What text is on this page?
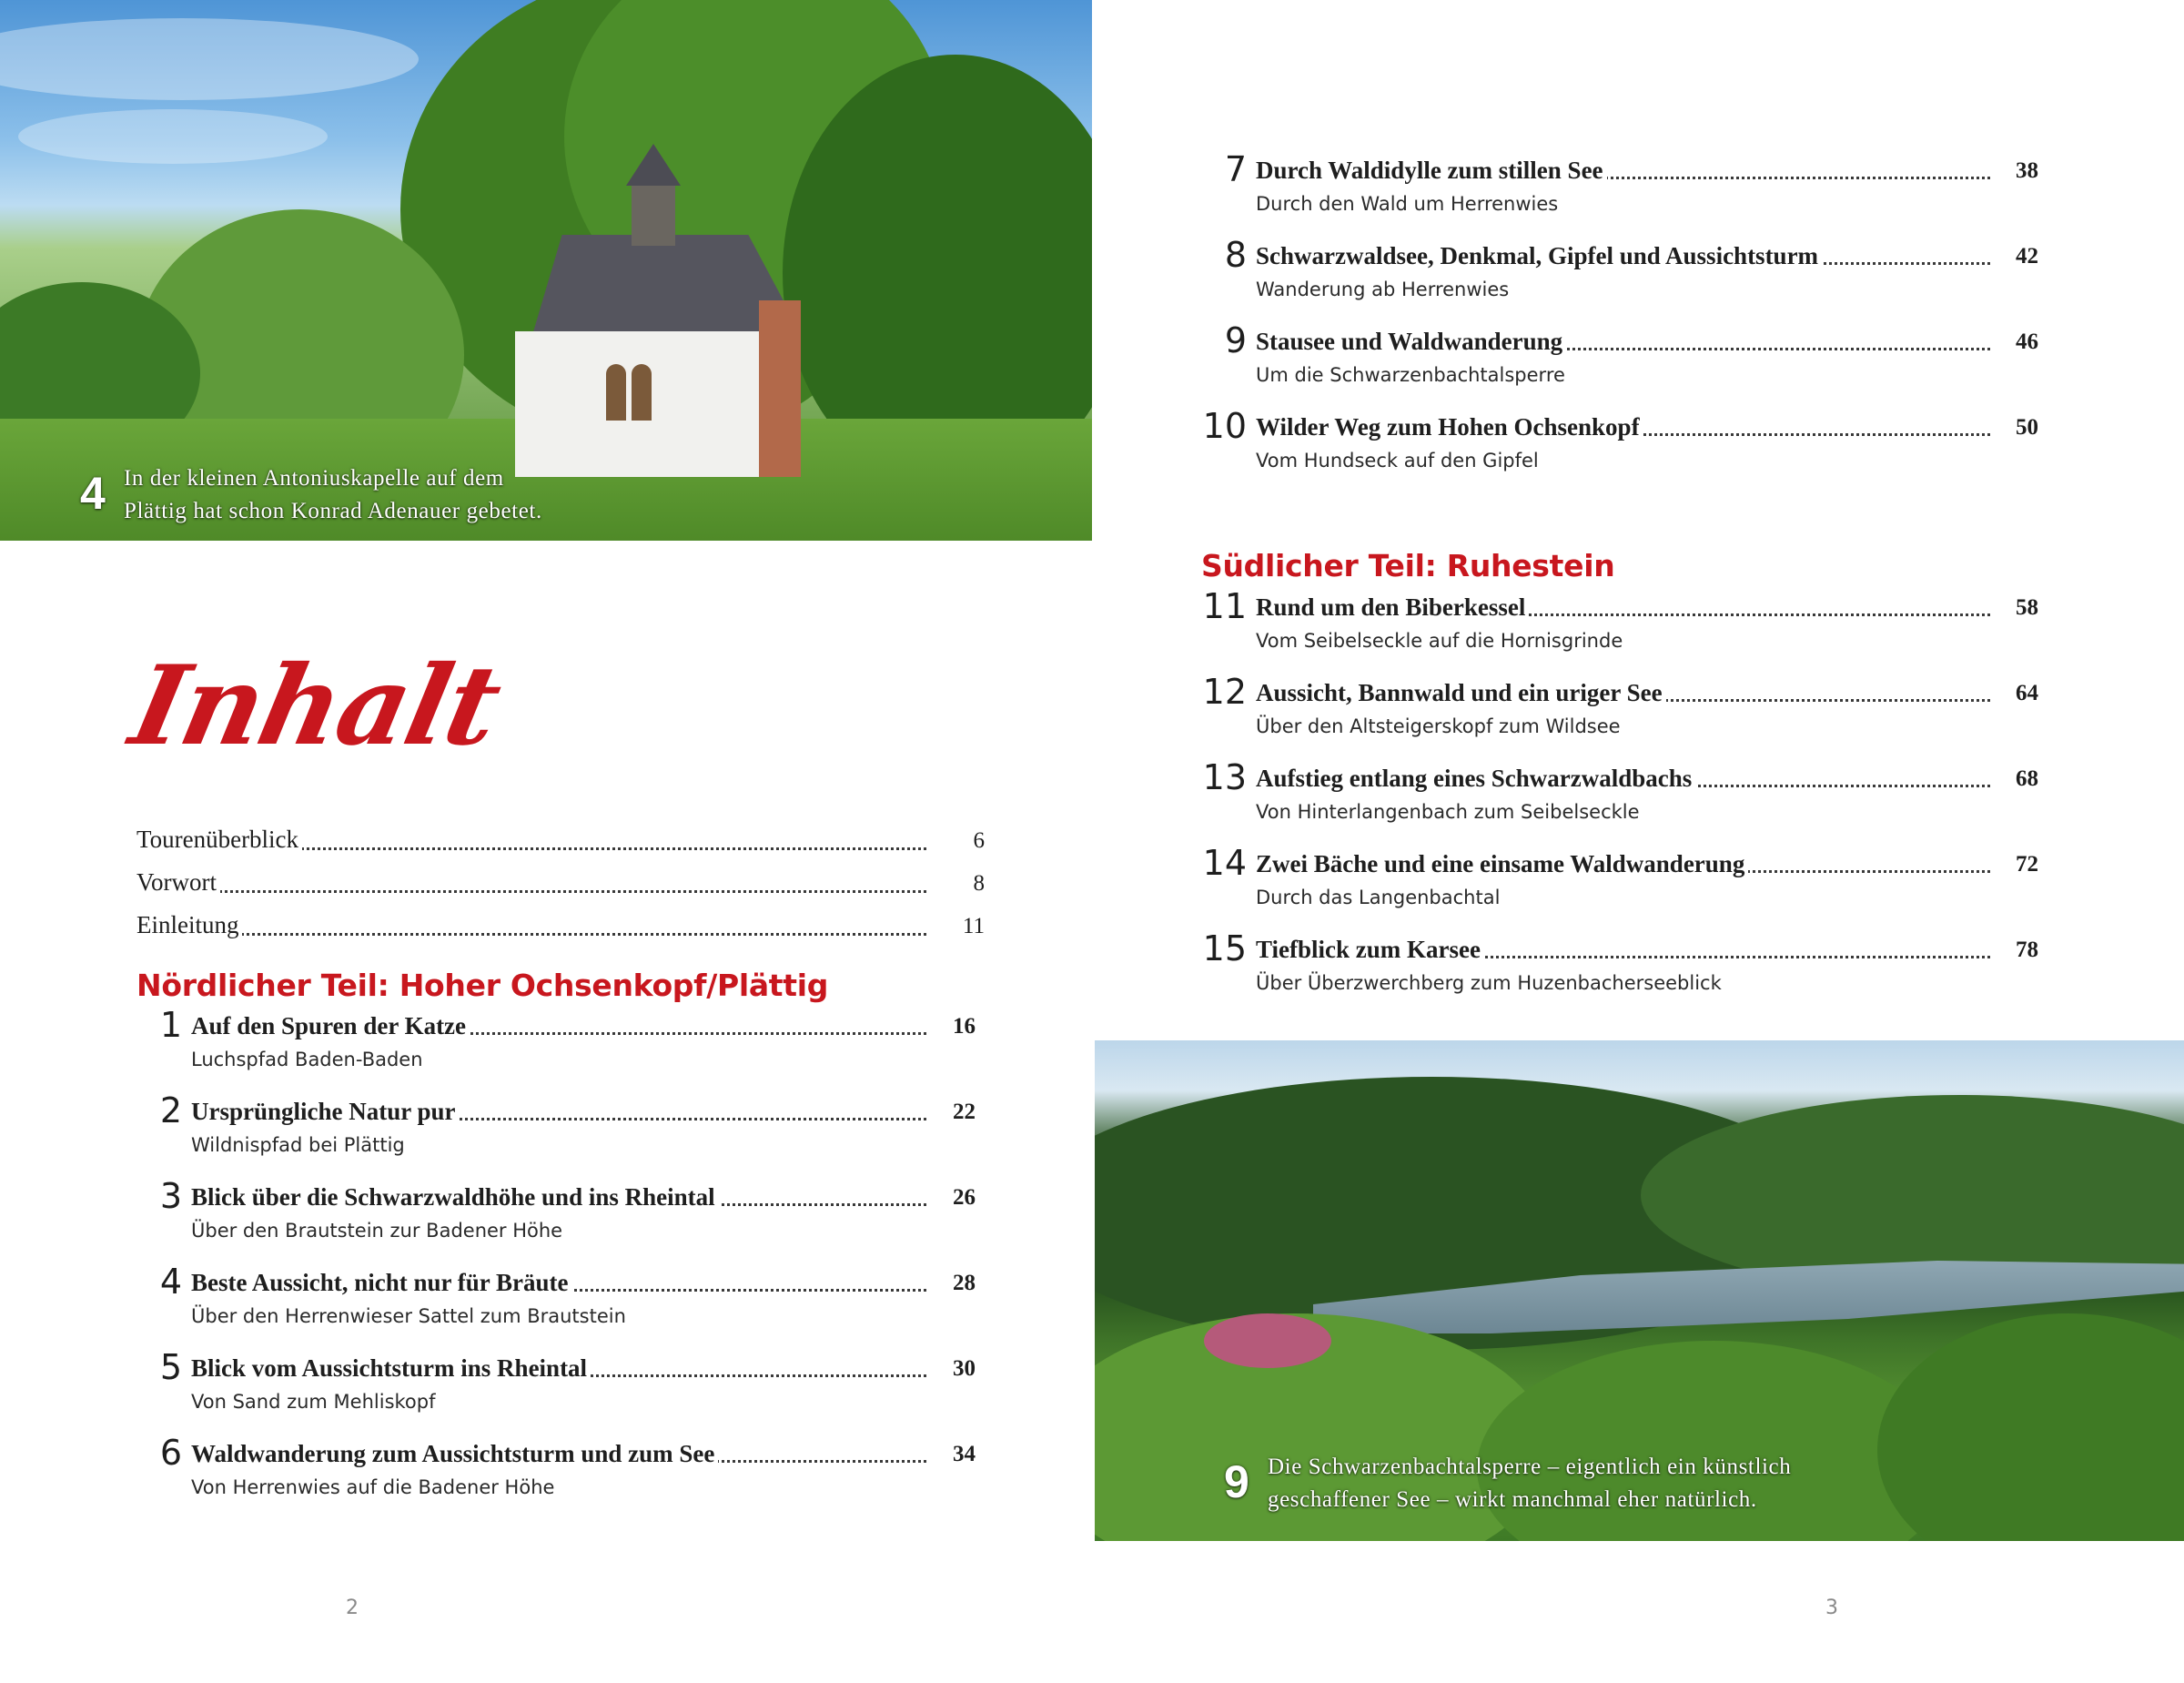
4 In der kleinen Antoniuskapelle auf dem
Plättig hat schon Konrad Adenauer gebetet.
9 Die Schwarzenbachtalsperre – eigentlich ein künstlich
geschaffener See – wirkt manchmal eher natürlich.
Inhalt
Tourenüberblick	6
Vorwort	8
Einleitung	11
Nördlicher Teil: Hoher Ochsenkopf/Plättig
1 Auf den Spuren der Katze	16
Luchspfad Baden-Baden
2 Ursprüngliche Natur pur	22
Wildnispfad bei Plättig
3 Blick über die Schwarzwaldhöhe und ins Rheintal	26
Über den Brautstein zur Badener Höhe
4 Beste Aussicht, nicht nur für Bräute	28
Über den Herrenwieser Sattel zum Brautstein
5 Blick vom Aussichtsturm ins Rheintal	30
Von Sand zum Mehliskopf
6 Waldwanderung zum Aussichtsturm und zum See	34
Von Herrenwies auf die Badener Höhe
7 Durch Waldidylle zum stillen See	38
Durch den Wald um Herrenwies
8 Schwarzwaldsee, Denkmal, Gipfel und Aussichtsturm	42
Wanderung ab Herrenwies
9 Stausee und Waldwanderung	46
Um die Schwarzenbachtalsperre
10 Wilder Weg zum Hohen Ochsenkopf	50
Vom Hundseck auf den Gipfel
11 Rund um den Biberkessel	58
Vom Seibelseckle auf die Hornisgrinde
12 Aussicht, Bannwald und ein uriger See	64
Über den Altsteigerskopf zum Wildsee
13 Aufstieg entlang eines Schwarzwaldbachs	68
Von Hinterlangenbach zum Seibelseckle
14 Zwei Bäche und eine einsame Waldwanderung	72
Durch das Langenbachtal
15 Tiefblick zum Karsee	78
Über Überzwerchberg zum Huzenbacherseeblick
Südlicher Teil: Ruhestein
2	3
